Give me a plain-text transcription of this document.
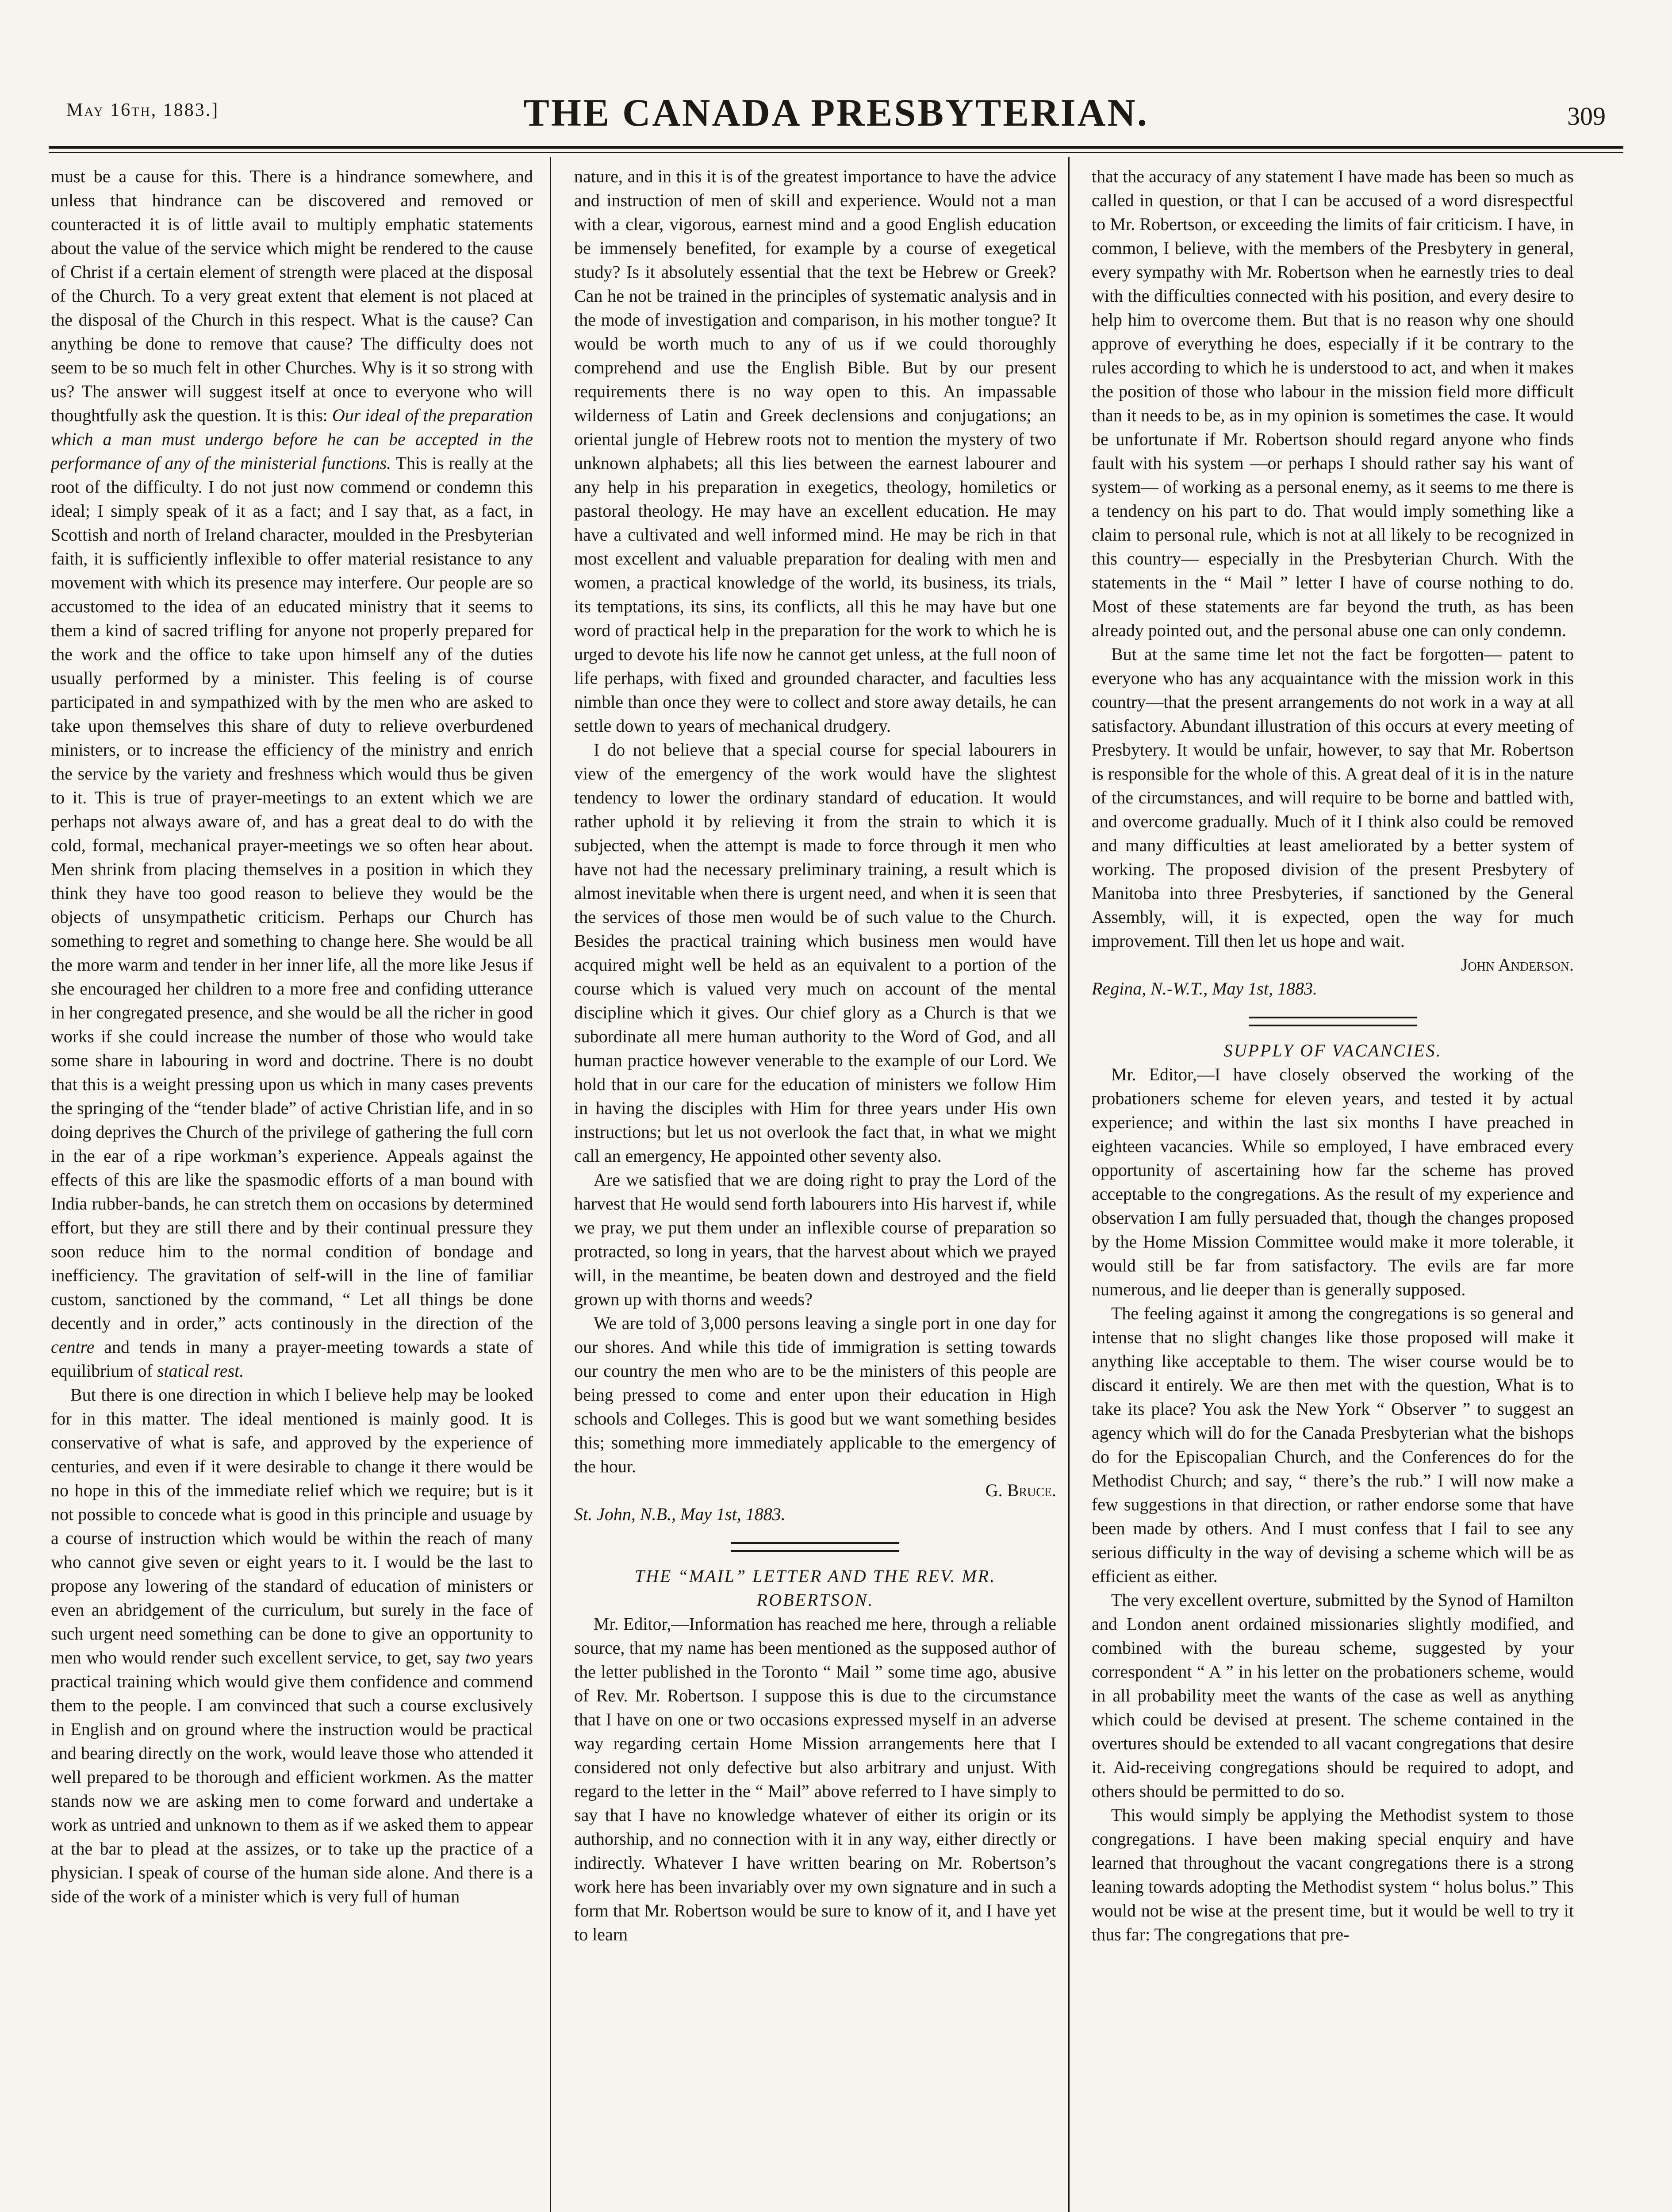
May 16th, 1883.]	THE CANADA PRESBYTERIAN.	309

must be a cause for this. There is a hindrance somewhere, and unless that hindrance can be discovered and removed or counteracted it is of little avail to multiply emphatic statements about the value of the service which might be rendered to the cause of Christ if a certain element of strength were placed at the disposal of the Church. To a very great extent that element is not placed at the disposal of the Church in this respect. What is the cause? Can anything be done to remove that cause? The difficulty does not seem to be so much felt in other Churches. Why is it so strong with us? The answer will suggest itself at once to everyone who will thoughtfully ask the question. It is this: Our ideal of the preparation which a man must undergo before he can be accepted in the performance of any of the ministerial functions. This is really at the root of the difficulty. I do not just now commend or condemn this ideal; I simply speak of it as a fact; and I say that, as a fact, in Scottish and north of Ireland character, moulded in the Presbyterian faith, it is sufficiently inflexible to offer material resistance to any movement with which its presence may interfere. Our people are so accustomed to the idea of an educated ministry that it seems to them a kind of sacred trifling for anyone not properly prepared for the work and the office to take upon himself any of the duties usually performed by a minister. This feeling is of course participated in and sympathized with by the men who are asked to take upon themselves this share of duty to relieve overburdened ministers, or to increase the efficiency of the ministry and enrich the service by the variety and freshness which would thus be given to it. This is true of prayer-meetings to an extent which we are perhaps not always aware of, and has a great deal to do with the cold, formal, mechanical prayer-meetings we so often hear about. Men shrink from placing themselves in a position in which they think they have too good reason to believe they would be the objects of unsympathetic criticism. Perhaps our Church has something to regret and something to change here. She would be all the more warm and tender in her inner life, all the more like Jesus if she encouraged her children to a more free and confiding utterance in her congregated presence, and she would be all the richer in good works if she could increase the number of those who would take some share in labouring in word and doctrine. There is no doubt that this is a weight pressing upon us which in many cases prevents the springing of the “tender blade” of active Christian life, and in so doing deprives the Church of the privilege of gathering the full corn in the ear of a ripe workman’s experience. Appeals against the effects of this are like the spasmodic efforts of a man bound with India rubber-bands, he can stretch them on occasions by determined effort, but they are still there and by their continual pressure they soon reduce him to the normal condition of bondage and inefficiency. The gravitation of self-will in the line of familiar custom, sanctioned by the command, “ Let all things be done decently and in order,” acts continously in the direction of the centre and tends in many a prayer-meeting towards a state of equilibrium of statical rest.

But there is one direction in which I believe help may be looked for in this matter. The ideal mentioned is mainly good. It is conservative of what is safe, and approved by the experience of centuries, and even if it were desirable to change it there would be no hope in this of the immediate relief which we require; but is it not possible to concede what is good in this principle and usuage by a course of instruction which would be within the reach of many who cannot give seven or eight years to it. I would be the last to propose any lowering of the standard of education of ministers or even an abridgement of the curriculum, but surely in the face of such urgent need something can be done to give an opportunity to men who would render such excellent service, to get, say two years practical training which would give them confidence and commend them to the people. I am convinced that such a course exclusively in English and on ground where the instruction would be practical and bearing directly on the work, would leave those who attended it well prepared to be thorough and efficient workmen. As the matter stands now we are asking men to come forward and undertake a work as untried and unknown to them as if we asked them to appear at the bar to plead at the assizes, or to take up the practice of a physician. I speak of course of the human side alone. And there is a side of the work of a minister which is very full of human

nature, and in this it is of the greatest importance to have the advice and instruction of men of skill and experience. Would not a man with a clear, vigorous, earnest mind and a good English education be immensely benefited, for example by a course of exegetical study? Is it absolutely essential that the text be Hebrew or Greek? Can he not be trained in the principles of systematic analysis and in the mode of investigation and comparison, in his mother tongue? It would be worth much to any of us if we could thoroughly comprehend and use the English Bible. But by our present requirements there is no way open to this. An impassable wilderness of Latin and Greek declensions and conjugations; an oriental jungle of Hebrew roots not to mention the mystery of two unknown alphabets; all this lies between the earnest labourer and any help in his preparation in exegetics, theology, homiletics or pastoral theology. He may have an excellent education. He may have a cultivated and well informed mind. He may be rich in that most excellent and valuable preparation for dealing with men and women, a practical knowledge of the world, its business, its trials, its temptations, its sins, its conflicts, all this he may have but one word of practical help in the preparation for the work to which he is urged to devote his life now he cannot get unless, at the full noon of life perhaps, with fixed and grounded character, and faculties less nimble than once they were to collect and store away details, he can settle down to years of mechanical drudgery.

I do not believe that a special course for special labourers in view of the emergency of the work would have the slightest tendency to lower the ordinary standard of education. It would rather uphold it by relieving it from the strain to which it is subjected, when the attempt is made to force through it men who have not had the necessary preliminary training, a result which is almost inevitable when there is urgent need, and when it is seen that the services of those men would be of such value to the Church. Besides the practical training which business men would have acquired might well be held as an equivalent to a portion of the course which is valued very much on account of the mental discipline which it gives. Our chief glory as a Church is that we subordinate all mere human authority to the Word of God, and all human practice however venerable to the example of our Lord. We hold that in our care for the education of ministers we follow Him in having the disciples with Him for three years under His own instructions; but let us not overlook the fact that, in what we might call an emergency, He appointed other seventy also.

Are we satisfied that we are doing right to pray the Lord of the harvest that He would send forth labourers into His harvest if, while we pray, we put them under an inflexible course of preparation so protracted, so long in years, that the harvest about which we prayed will, in the meantime, be beaten down and destroyed and the field grown up with thorns and weeds?

We are told of 3,000 persons leaving a single port in one day for our shores. And while this tide of immigration is setting towards our country the men who are to be the ministers of this people are being pressed to come and enter upon their education in High schools and Colleges. This is good but we want something besides this; something more immediately applicable to the emergency of the hour.

G. Bruce.

St. John, N.B., May 1st, 1883.

THE “MAIL” LETTER AND THE REV. MR. ROBERTSON.

Mr. Editor,—Information has reached me here, through a reliable source, that my name has been mentioned as the supposed author of the letter published in the Toronto “ Mail ” some time ago, abusive of Rev. Mr. Robertson. I suppose this is due to the circumstance that I have on one or two occasions expressed myself in an adverse way regarding certain Home Mission arrangements here that I considered not only defective but also arbitrary and unjust. With regard to the letter in the “ Mail” above referred to I have simply to say that I have no knowledge whatever of either its origin or its authorship, and no connection with it in any way, either directly or indirectly. Whatever I have written bearing on Mr. Robertson’s work here has been invariably over my own signature and in such a form that Mr. Robertson would be sure to know of it, and I have yet to learn

that the accuracy of any statement I have made has been so much as called in question, or that I can be accused of a word disrespectful to Mr. Robertson, or exceeding the limits of fair criticism. I have, in common, I believe, with the members of the Presbytery in general, every sympathy with Mr. Robertson when he earnestly tries to deal with the difficulties connected with his position, and every desire to help him to overcome them. But that is no reason why one should approve of everything he does, especially if it be contrary to the rules according to which he is understood to act, and when it makes the position of those who labour in the mission field more difficult than it needs to be, as in my opinion is sometimes the case. It would be unfortunate if Mr. Robertson should regard anyone who finds fault with his system —or perhaps I should rather say his want of system— of working as a personal enemy, as it seems to me there is a tendency on his part to do. That would imply something like a claim to personal rule, which is not at all likely to be recognized in this country— especially in the Presbyterian Church. With the statements in the “ Mail ” letter I have of course nothing to do. Most of these statements are far beyond the truth, as has been already pointed out, and the personal abuse one can only condemn.

But at the same time let not the fact be forgotten— patent to everyone who has any acquaintance with the mission work in this country—that the present arrangements do not work in a way at all satisfactory. Abundant illustration of this occurs at every meeting of Presbytery. It would be unfair, however, to say that Mr. Robertson is responsible for the whole of this. A great deal of it is in the nature of the circumstances, and will require to be borne and battled with, and overcome gradually. Much of it I think also could be removed and many difficulties at least ameliorated by a better system of working. The proposed division of the present Presbytery of Manitoba into three Presbyteries, if sanctioned by the General Assembly, will, it is expected, open the way for much improvement. Till then let us hope and wait.

John Anderson.

Regina, N.-W.T., May 1st, 1883.

SUPPLY OF VACANCIES.

Mr. Editor,—I have closely observed the working of the probationers scheme for eleven years, and tested it by actual experience; and within the last six months I have preached in eighteen vacancies. While so employed, I have embraced every opportunity of ascertaining how far the scheme has proved acceptable to the congregations. As the result of my experience and observation I am fully persuaded that, though the changes proposed by the Home Mission Committee would make it more tolerable, it would still be far from satisfactory. The evils are far more numerous, and lie deeper than is generally supposed.

The feeling against it among the congregations is so general and intense that no slight changes like those proposed will make it anything like acceptable to them. The wiser course would be to discard it entirely. We are then met with the question, What is to take its place? You ask the New York “ Observer ” to suggest an agency which will do for the Canada Presbyterian what the bishops do for the Episcopalian Church, and the Conferences do for the Methodist Church; and say, “ there’s the rub.” I will now make a few suggestions in that direction, or rather endorse some that have been made by others. And I must confess that I fail to see any serious difficulty in the way of devising a scheme which will be as efficient as either.

The very excellent overture, submitted by the Synod of Hamilton and London anent ordained missionaries slightly modified, and combined with the bureau scheme, suggested by your correspondent “ A ” in his letter on the probationers scheme, would in all probability meet the wants of the case as well as anything which could be devised at present. The scheme contained in the overtures should be extended to all vacant congregations that desire it. Aid-receiving congregations should be required to adopt, and others should be permitted to do so.

This would simply be applying the Methodist system to those congregations. I have been making special enquiry and have learned that throughout the vacant congregations there is a strong leaning towards adopting the Methodist system “ holus bolus.” This would not be wise at the present time, but it would be well to try it thus far: The congregations that pre-
